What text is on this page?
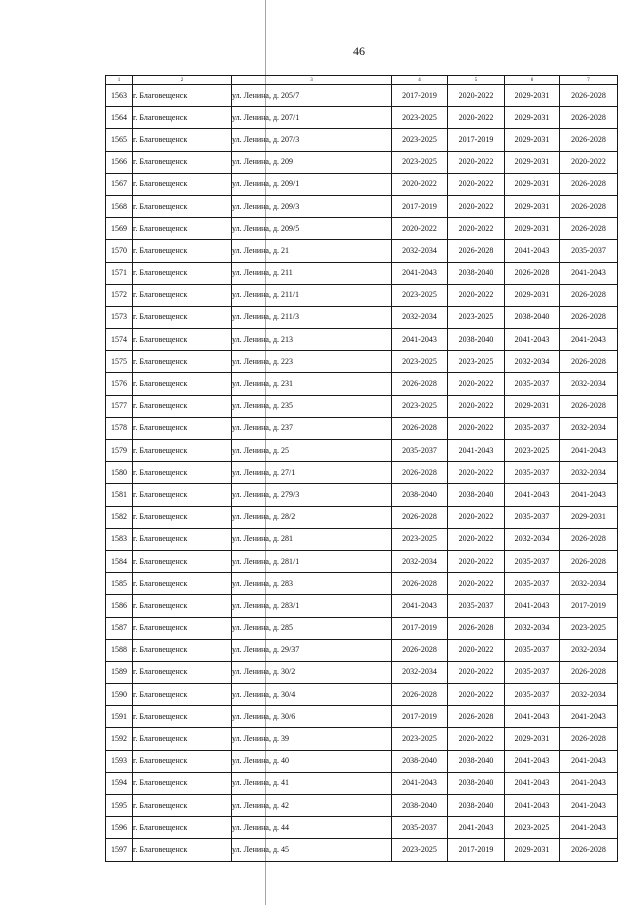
46
1	2	3	4	5	6	7
1563	г. Благовещенск	ул. Ленина, д. 205/7	2017-2019	2020-2022	2029-2031	2026-2028
1564	г. Благовещенск	ул. Ленина, д. 207/1	2023-2025	2020-2022	2029-2031	2026-2028
1565	г. Благовещенск	ул. Ленина, д. 207/3	2023-2025	2017-2019	2029-2031	2026-2028
1566	г. Благовещенск	ул. Ленина, д. 209	2023-2025	2020-2022	2029-2031	2020-2022
1567	г. Благовещенск	ул. Ленина, д. 209/1	2020-2022	2020-2022	2029-2031	2026-2028
1568	г. Благовещенск	ул. Ленина, д. 209/3	2017-2019	2020-2022	2029-2031	2026-2028
1569	г. Благовещенск	ул. Ленина, д. 209/5	2020-2022	2020-2022	2029-2031	2026-2028
1570	г. Благовещенск	ул. Ленина, д. 21	2032-2034	2026-2028	2041-2043	2035-2037
1571	г. Благовещенск	ул. Ленина, д. 211	2041-2043	2038-2040	2026-2028	2041-2043
1572	г. Благовещенск	ул. Ленина, д. 211/1	2023-2025	2020-2022	2029-2031	2026-2028
1573	г. Благовещенск	ул. Ленина, д. 211/3	2032-2034	2023-2025	2038-2040	2026-2028
1574	г. Благовещенск	ул. Ленина, д. 213	2041-2043	2038-2040	2041-2043	2041-2043
1575	г. Благовещенск	ул. Ленина, д. 223	2023-2025	2023-2025	2032-2034	2026-2028
1576	г. Благовещенск	ул. Ленина, д. 231	2026-2028	2020-2022	2035-2037	2032-2034
1577	г. Благовещенск	ул. Ленина, д. 235	2023-2025	2020-2022	2029-2031	2026-2028
1578	г. Благовещенск	ул. Ленина, д. 237	2026-2028	2020-2022	2035-2037	2032-2034
1579	г. Благовещенск	ул. Ленина, д. 25	2035-2037	2041-2043	2023-2025	2041-2043
1580	г. Благовещенск	ул. Ленина, д. 27/1	2026-2028	2020-2022	2035-2037	2032-2034
1581	г. Благовещенск	ул. Ленина, д. 279/3	2038-2040	2038-2040	2041-2043	2041-2043
1582	г. Благовещенск	ул. Ленина, д. 28/2	2026-2028	2020-2022	2035-2037	2029-2031
1583	г. Благовещенск	ул. Ленина, д. 281	2023-2025	2020-2022	2032-2034	2026-2028
1584	г. Благовещенск	ул. Ленина, д. 281/1	2032-2034	2020-2022	2035-2037	2026-2028
1585	г. Благовещенск	ул. Ленина, д. 283	2026-2028	2020-2022	2035-2037	2032-2034
1586	г. Благовещенск	ул. Ленина, д. 283/1	2041-2043	2035-2037	2041-2043	2017-2019
1587	г. Благовещенск	ул. Ленина, д. 285	2017-2019	2026-2028	2032-2034	2023-2025
1588	г. Благовещенск	ул. Ленина, д. 29/37	2026-2028	2020-2022	2035-2037	2032-2034
1589	г. Благовещенск	ул. Ленина, д. 30/2	2032-2034	2020-2022	2035-2037	2026-2028
1590	г. Благовещенск	ул. Ленина, д. 30/4	2026-2028	2020-2022	2035-2037	2032-2034
1591	г. Благовещенск	ул. Ленина, д. 30/6	2017-2019	2026-2028	2041-2043	2041-2043
1592	г. Благовещенск	ул. Ленина, д. 39	2023-2025	2020-2022	2029-2031	2026-2028
1593	г. Благовещенск	ул. Ленина, д. 40	2038-2040	2038-2040	2041-2043	2041-2043
1594	г. Благовещенск	ул. Ленина, д. 41	2041-2043	2038-2040	2041-2043	2041-2043
1595	г. Благовещенск	ул. Ленина, д. 42	2038-2040	2038-2040	2041-2043	2041-2043
1596	г. Благовещенск	ул. Ленина, д. 44	2035-2037	2041-2043	2023-2025	2041-2043
1597	г. Благовещенск	ул. Ленина, д. 45	2023-2025	2017-2019	2029-2031	2026-2028
